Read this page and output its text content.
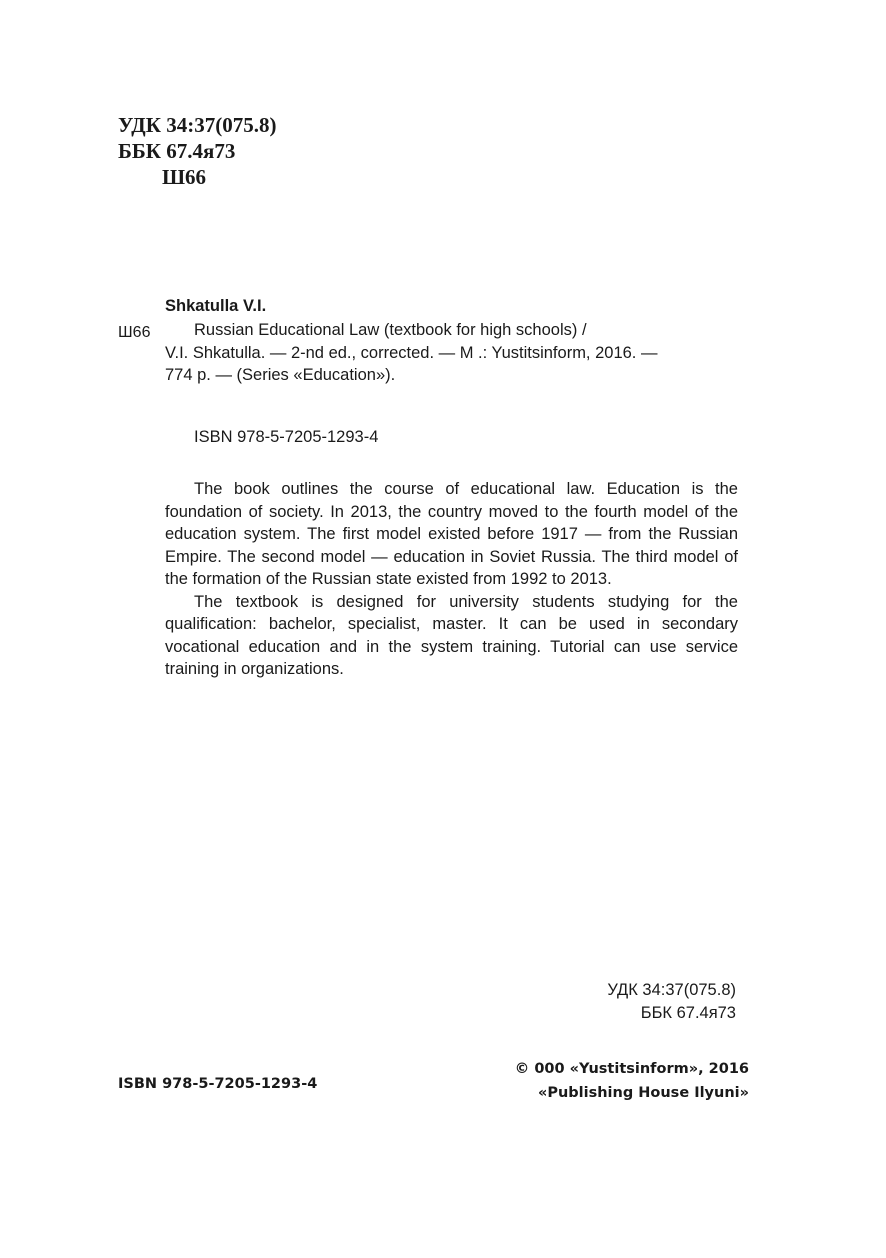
УДК 34:37(075.8)
ББК 67.4я73
Ш66
Shkatulla V.I.
Ш66	Russian Educational Law (textbook for high schools) /
V.I. Shkatulla. — 2-nd ed., corrected. — M .: Yustitsinform, 2016. —
774 p. — (Series «Education»).
ISBN 978-5-7205-1293-4

The book outlines the course of educational law. Education is the foundation of society. In 2013, the country moved to the fourth model of the education system. The first model existed before 1917 — from the Russian Empire. The second model — education in Soviet Russia. The third model of the formation of the Russian state existed from 1992 to 2013.

The textbook is designed for university students studying for the qualification: bachelor, specialist, master. It can be used in secondary vocational education and in the system training. Tutorial can use service training in organizations.

УДК 34:37(075.8)
ББК 67.4я73
ISBN 978-5-7205-1293-4
© 000 «Yustitsinform», 2016
«Publishing House Ilyuni»
